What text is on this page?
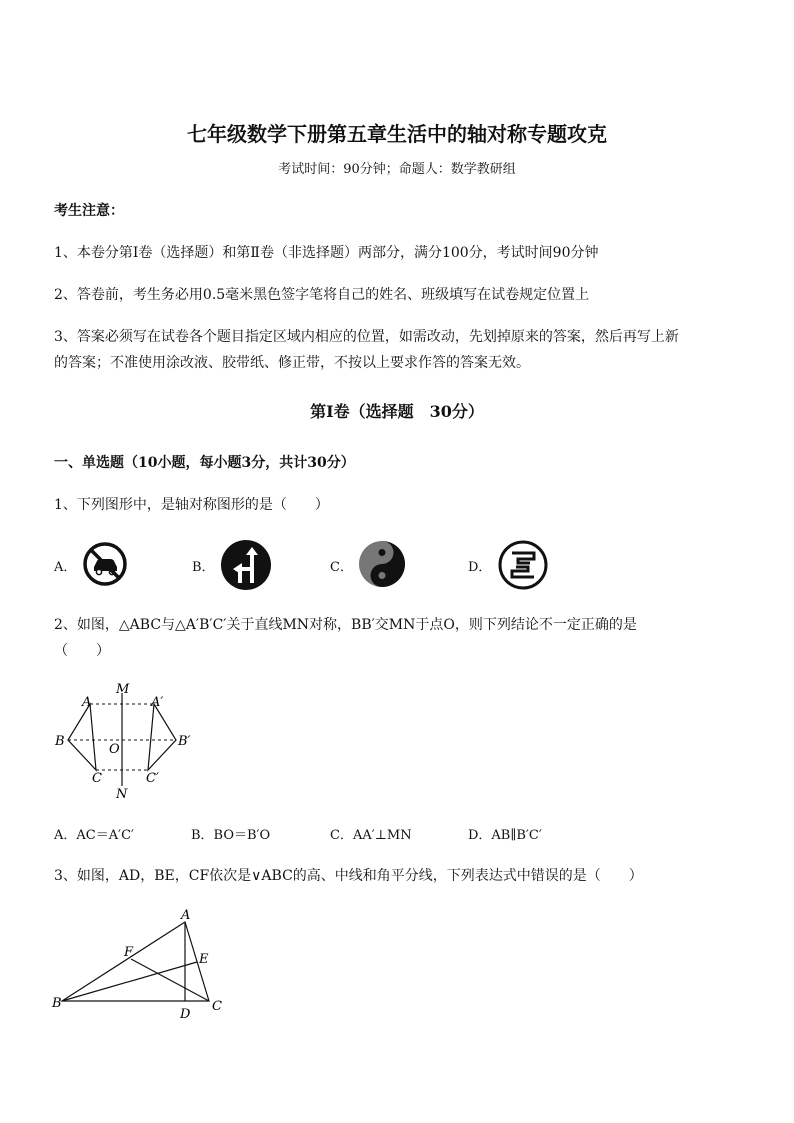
七年级数学下册第五章生活中的轴对称专题攻克
考试时间：90分钟；命题人：数学教研组
考生注意：
1、本卷分第Ⅰ卷（选择题）和第Ⅱ卷（非选择题）两部分，满分100分，考试时间90分钟
2、答卷前，考生务必用0.5毫米黑色签字笔将自己的姓名、班级填写在试卷规定位置上
3、答案必须写在试卷各个题目指定区域内相应的位置，如需改动，先划掉原来的答案，然后再写上新
的答案；不准使用涂改液、胶带纸、修正带，不按以上要求作答的答案无效。
第Ⅰ卷（选择题　30分）
一、单选题（10小题，每小题3分，共计30分）
1、下列图形中，是轴对称图形的是（　　）
A．	B．	C．	D．
2、如图，△ABC与△A′B′C′关于直线MN对称，BB′交MN于点O，则下列结论不一定正确的是
（　　）
M
A	A′
B
O
B′
C	C′
N
A．AC＝A′C′	B．BO＝B′O	C．AA′⊥MN	D．AB∥B′C′
3、如图，AD，BE，CF依次是∨ABC的高、中线和角平分线，下列表达式中错误的是（　　）
A
F	E
B
D
C
